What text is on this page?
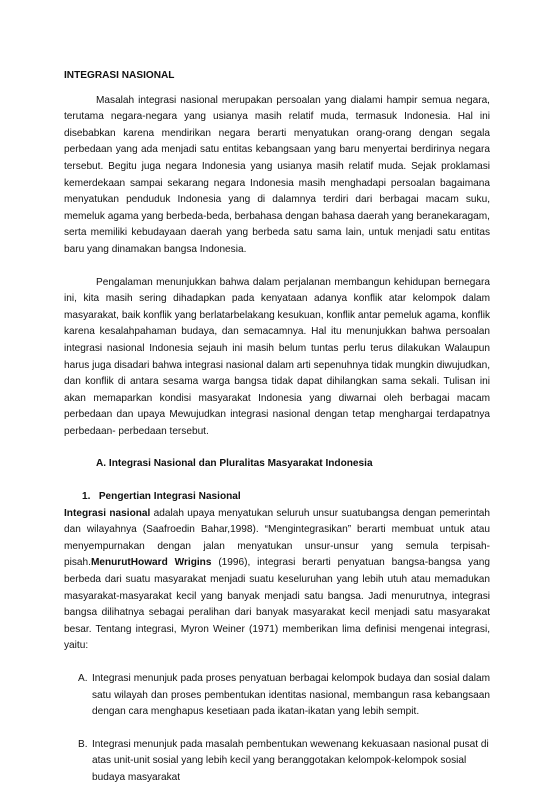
INTEGRASI NASIONAL

Masalah integrasi nasional merupakan persoalan yang dialami hampir semua negara, terutama negara-negara yang usianya masih relatif muda, termasuk Indonesia. Hal ini disebabkan karena mendirikan negara berarti menyatukan orang-orang dengan segala perbedaan yang ada menjadi satu entitas kebangsaan yang baru menyertai berdirinya negara tersebut. Begitu juga negara Indonesia yang usianya masih relatif muda. Sejak proklamasi kemerdekaan sampai sekarang negara Indonesia masih menghadapi persoalan bagaimana menyatukan penduduk Indonesia yang di dalamnya terdiri dari berbagai macam suku, memeluk agama yang berbeda-beda, berbahasa dengan bahasa daerah yang beranekaragam, serta memiliki kebudayaan daerah yang berbeda satu sama lain, untuk menjadi satu entitas baru yang dinamakan bangsa Indonesia.

Pengalaman menunjukkan bahwa dalam perjalanan membangun kehidupan bernegara ini, kita masih sering dihadapkan pada kenyataan adanya konflik atar kelompok dalam masyarakat, baik konflik yang berlatarbelakang kesukuan, konflik antar pemeluk agama, konflik karena kesalahpahaman budaya, dan semacamnya. Hal itu menunjukkan bahwa persoalan integrasi nasional Indonesia sejauh ini masih belum tuntas perlu terus dilakukan Walaupun harus juga disadari bahwa integrasi nasional dalam arti sepenuhnya tidak mungkin diwujudkan, dan konflik di antara sesama warga bangsa tidak dapat dihilangkan sama sekali. Tulisan ini akan memaparkan kondisi masyarakat Indonesia yang diwarnai oleh berbagai macam perbedaan dan upaya Mewujudkan integrasi nasional dengan tetap menghargai terdapatnya perbedaan- perbedaan tersebut.

A. Integrasi Nasional dan Pluralitas Masyarakat Indonesia

1. Pengertian Integrasi Nasional

Integrasi nasional adalah upaya menyatukan seluruh unsur suatubangsa dengan pemerintah dan wilayahnya (Saafroedin Bahar,1998). “Mengintegrasikan” berarti membuat untuk atau menyempurnakan dengan jalan menyatukan unsur-unsur yang semula terpisah-pisah.MenurutHoward Wrigins (1996), integrasi berarti penyatuan bangsa-bangsa yang berbeda dari suatu masyarakat menjadi suatu keseluruhan yang lebih utuh atau memadukan masyarakat-masyarakat kecil yang banyak menjadi satu bangsa. Jadi menurutnya, integrasi bangsa dilihatnya sebagai peralihan dari banyak masyarakat kecil menjadi satu masyarakat besar. Tentang integrasi, Myron Weiner (1971) memberikan lima definisi mengenai integrasi, yaitu:

A. Integrasi menunjuk pada proses penyatuan berbagai kelompok budaya dan sosial dalam satu wilayah dan proses pembentukan identitas nasional, membangun rasa kebangsaan dengan cara menghapus kesetiaan pada ikatan-ikatan yang lebih sempit.
B. Integrasi menunjuk pada masalah pembentukan wewenang kekuasaan nasional pusat di atas unit-unit sosial yang lebih kecil yang beranggotakan kelompok-kelompok sosial budaya masyarakat
